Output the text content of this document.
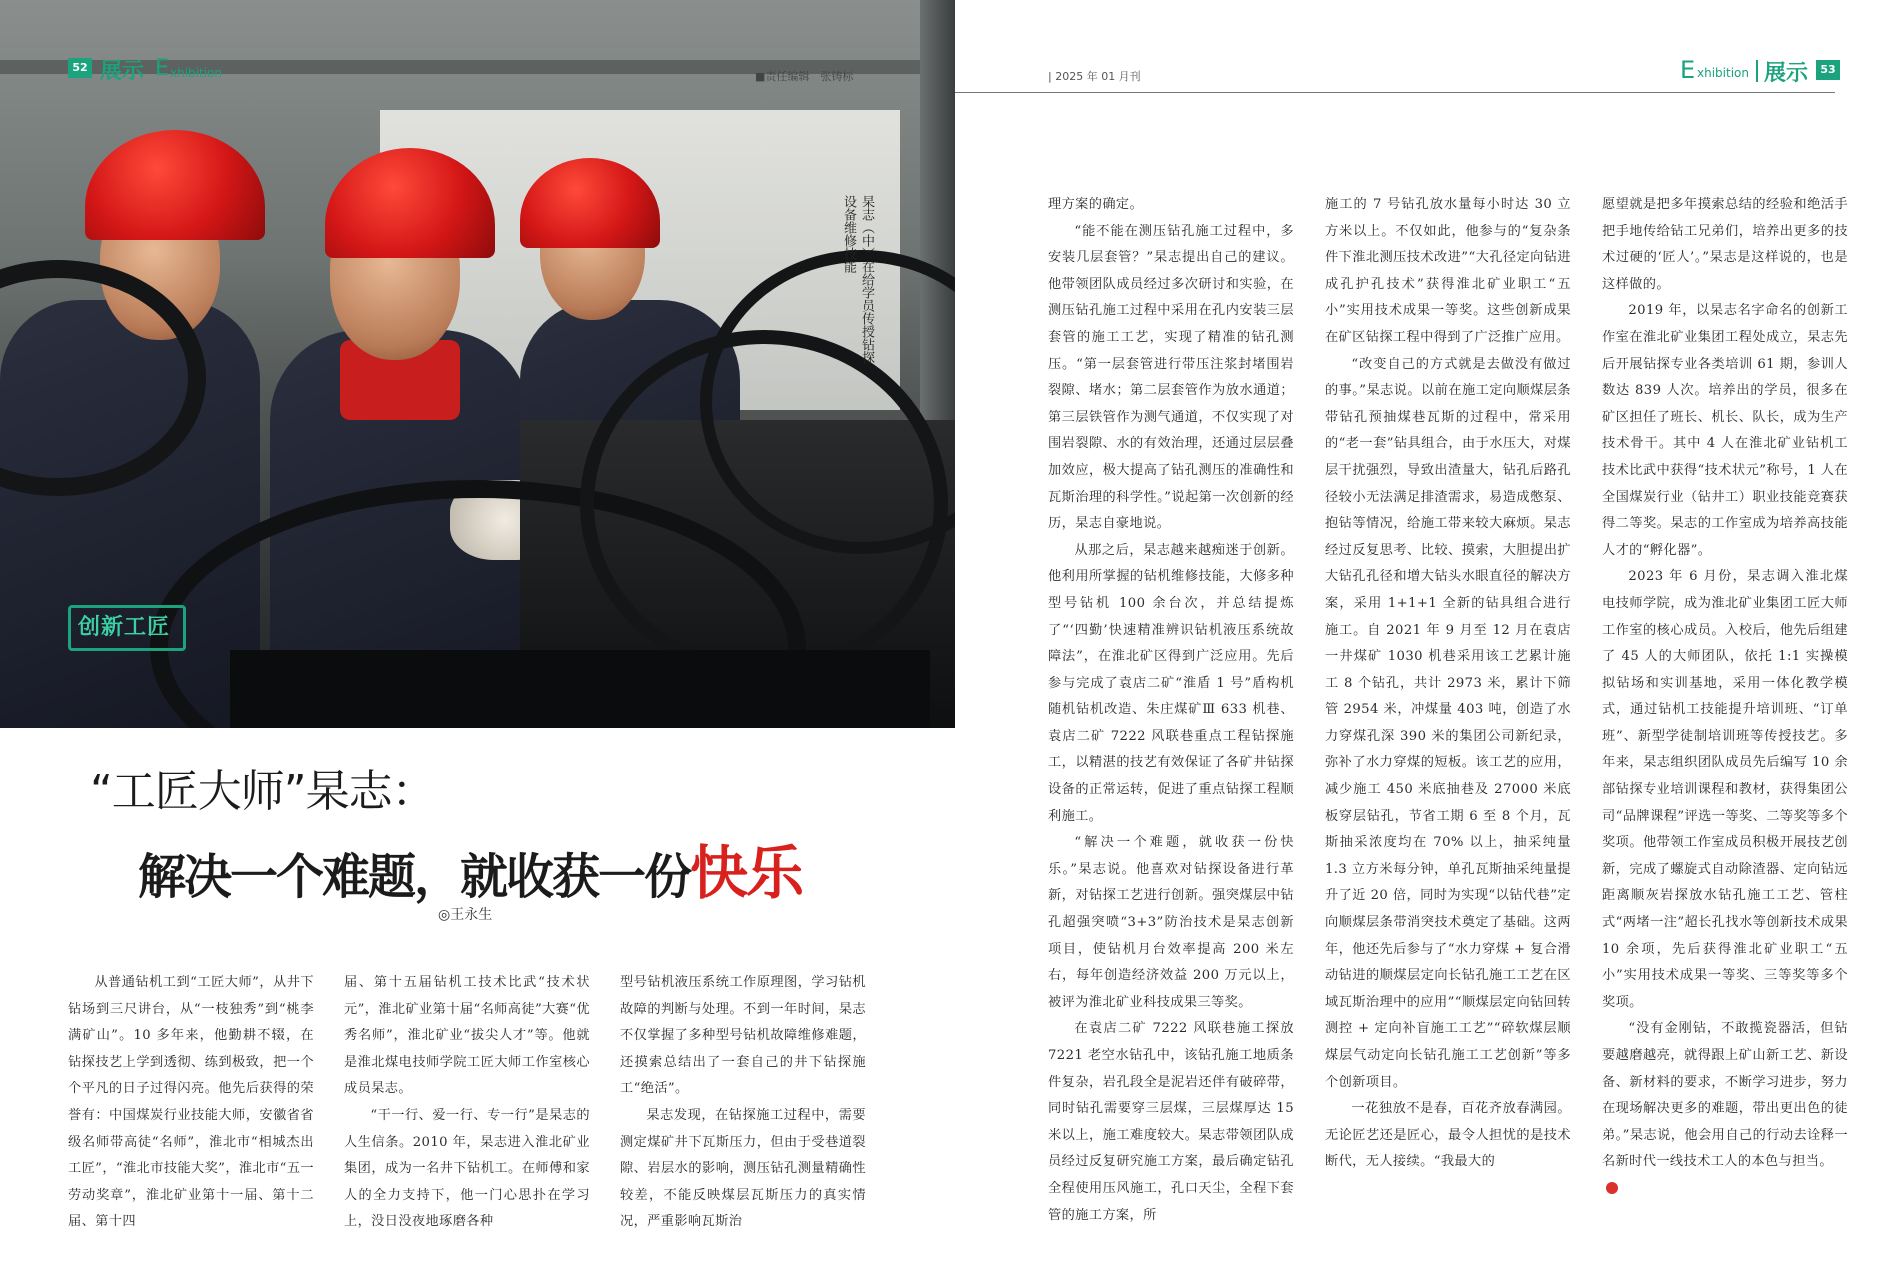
52 展示 E xhibition	■责任编辑　张铸标
杲志（中）在给学员传授钻探设备维修技能
创新工匠
| 2025 年 01 月刊	E xhibition 展示	53
“工匠大师”杲志：
解决一个难题，就收获一份快乐
◎王永生

从普通钻机工到“工匠大师”，从井下钻场到三尺讲台，从“一枝独秀”到“桃李满矿山”。10 多年来，他勤耕不辍，在钻探技艺上学到透彻、练到极致，把一个个平凡的日子过得闪亮。他先后获得的荣誉有：中国煤炭行业技能大师，安徽省省级名师带高徒“名师”，淮北市“相城杰出工匠”，“淮北市技能大奖”，淮北市“五一劳动奖章”，淮北矿业第十一届、第十二届、第十四

届、第十五届钻机工技术比武“技术状元”，淮北矿业第十届“名师高徒”大赛“优秀名师”，淮北矿业“拔尖人才”等。他就是淮北煤电技师学院工匠大师工作室核心成员杲志。

“干一行、爱一行、专一行”是杲志的人生信条。2010 年，杲志进入淮北矿业集团，成为一名井下钻机工。在师傅和家人的全力支持下，他一门心思扑在学习上，没日没夜地琢磨各种

型号钻机液压系统工作原理图，学习钻机故障的判断与处理。不到一年时间，杲志不仅掌握了多种型号钻机故障维修难题，还摸索总结出了一套自己的井下钻探施工“绝活”。

杲志发现，在钻探施工过程中，需要测定煤矿井下瓦斯压力，但由于受巷道裂隙、岩层水的影响，测压钻孔测量精确性较差，不能反映煤层瓦斯压力的真实情况，严重影响瓦斯治

理方案的确定。

“能不能在测压钻孔施工过程中，多安装几层套管？”杲志提出自己的建议。他带领团队成员经过多次研讨和实验，在测压钻孔施工过程中采用在孔内安装三层套管的施工工艺，实现了精准的钻孔测压。“第一层套管进行带压注浆封堵围岩裂隙、堵水；第二层套管作为放水通道；第三层铁管作为测气通道，不仅实现了对围岩裂隙、水的有效治理，还通过层层叠加效应，极大提高了钻孔测压的准确性和瓦斯治理的科学性。”说起第一次创新的经历，杲志自豪地说。

从那之后，杲志越来越痴迷于创新。他利用所掌握的钻机维修技能，大修多种型号钻机 100 余台次，并总结提炼了“‘四勤’快速精准辨识钻机液压系统故障法”，在淮北矿区得到广泛应用。先后参与完成了袁店二矿“淮盾 1 号”盾构机随机钻机改造、朱庄煤矿Ⅲ 633 机巷、袁店二矿 7222 风联巷重点工程钻探施工，以精湛的技艺有效保证了各矿井钻探设备的正常运转，促进了重点钻探工程顺利施工。

“解决一个难题，就收获一份快乐。”杲志说。他喜欢对钻探设备进行革新，对钻探工艺进行创新。强突煤层中钻孔超强突喷“3+3”防治技术是杲志创新项目，使钻机月台效率提高 200 米左右，每年创造经济效益 200 万元以上，被评为淮北矿业科技成果三等奖。

在袁店二矿 7222 风联巷施工探放 7221 老空水钻孔中，该钻孔施工地质条件复杂，岩孔段全是泥岩还伴有破碎带，同时钻孔需要穿三层煤，三层煤厚达 15 米以上，施工难度较大。杲志带领团队成员经过反复研究施工方案，最后确定钻孔全程使用压风施工，孔口天尘，全程下套管的施工方案，所

施工的 7 号钻孔放水量每小时达 30 立方米以上。不仅如此，他参与的“复杂条件下淮北测压技术改进”“大孔径定向钻进成孔护孔技术”获得淮北矿业职工“五小”实用技术成果一等奖。这些创新成果在矿区钻探工程中得到了广泛推广应用。

“改变自己的方式就是去做没有做过的事。”杲志说。以前在施工定向顺煤层条带钻孔预抽煤巷瓦斯的过程中，常采用的“老一套”钻具组合，由于水压大，对煤层干扰强烈，导致出渣量大，钻孔后路孔径较小无法满足排渣需求，易造成憋泵、抱钻等情况，给施工带来较大麻烦。杲志经过反复思考、比较、摸索，大胆提出扩大钻孔孔径和增大钻头水眼直径的解决方案，采用 1+1+1 全新的钻具组合进行施工。自 2021 年 9 月至 12 月在袁店一井煤矿 1030 机巷采用该工艺累计施工 8 个钻孔，共计 2973 米，累计下筛管 2954 米，冲煤量 403 吨，创造了水力穿煤孔深 390 米的集团公司新纪录，弥补了水力穿煤的短板。该工艺的应用，减少施工 450 米底抽巷及 27000 米底板穿层钻孔，节省工期 6 至 8 个月，瓦斯抽采浓度均在 70% 以上，抽采纯量 1.3 立方米每分钟，单孔瓦斯抽采纯量提升了近 20 倍，同时为实现“以钻代巷”定向顺煤层条带消突技术奠定了基础。这两年，他还先后参与了“水力穿煤 + 复合滑动钻进的顺煤层定向长钻孔施工工艺在区域瓦斯治理中的应用”“顺煤层定向钻回转测控 + 定向补盲施工工艺”“碎软煤层顺煤层气动定向长钻孔施工工艺创新”等多个创新项目。

一花独放不是春，百花齐放春满园。无论匠艺还是匠心，最令人担忧的是技术断代，无人接续。“我最大的

愿望就是把多年摸索总结的经验和绝活手把手地传给钻工兄弟们，培养出更多的技术过硬的‘匠人’。”杲志是这样说的，也是这样做的。

2019 年，以杲志名字命名的创新工作室在淮北矿业集团工程处成立，杲志先后开展钻探专业各类培训 61 期，参训人数达 839 人次。培养出的学员，很多在矿区担任了班长、机长、队长，成为生产技术骨干。其中 4 人在淮北矿业钻机工技术比武中获得“技术状元”称号，1 人在全国煤炭行业（钻井工）职业技能竞赛获得二等奖。杲志的工作室成为培养高技能人才的“孵化器”。

2023 年 6 月份，杲志调入淮北煤电技师学院，成为淮北矿业集团工匠大师工作室的核心成员。入校后，他先后组建了 45 人的大师团队，依托 1:1 实操模拟钻场和实训基地，采用一体化教学模式，通过钻机工技能提升培训班、“订单班”、新型学徒制培训班等传授技艺。多年来，杲志组织团队成员先后编写 10 余部钻探专业培训课程和教材，获得集团公司“品牌课程”评选一等奖、二等奖等多个奖项。他带领工作室成员积极开展技艺创新，完成了螺旋式自动除渣器、定向钻远距离顺灰岩探放水钻孔施工工艺、管柱式“两堵一注”超长孔找水等创新技术成果 10 余项，先后获得淮北矿业职工“五小”实用技术成果一等奖、三等奖等多个奖项。

“没有金刚钻，不敢揽瓷器活，但钻要越磨越亮，就得跟上矿山新工艺、新设备、新材料的要求，不断学习进步，努力在现场解决更多的难题，带出更出色的徒弟。”杲志说，他会用自己的行动去诠释一名新时代一线技术工人的本色与担当。
